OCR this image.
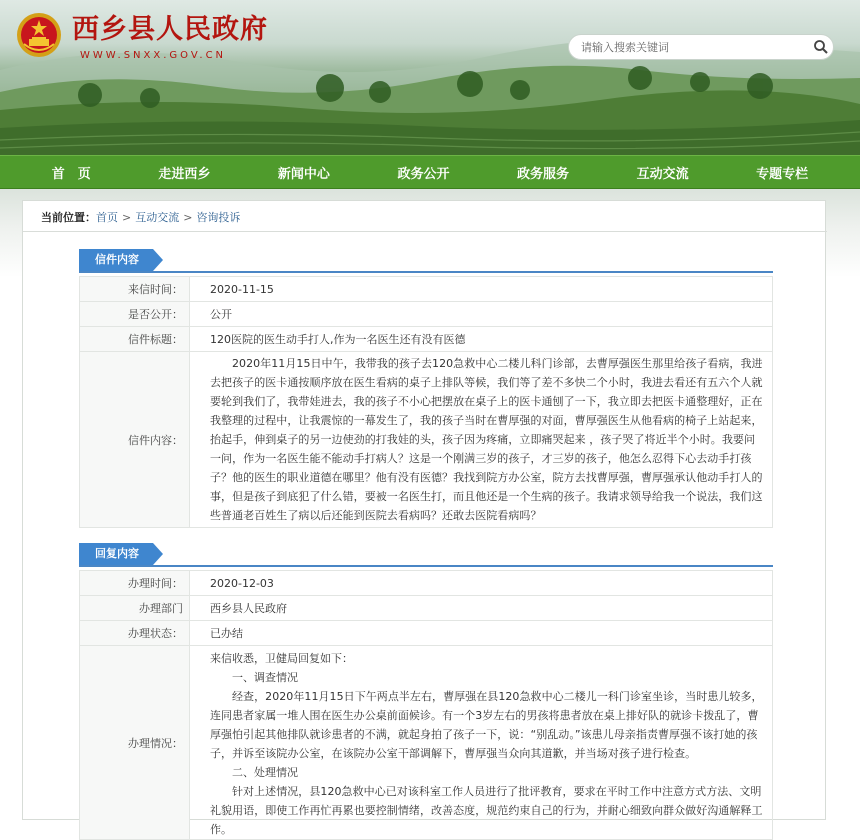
西乡县人民政府
WWW.SNXX.GOV.CN
请输入搜索关键词
首　页	走进西乡	新闻中心	政务公开	政务服务	互动交流	专题专栏
当前位置： 首页 > 互动交流 > 咨询投诉
信件内容
来信时间：	2020-11-15
是否公开：	公开
信件标题：	120医院的医生动手打人,作为一名医生还有没有医德
信件内容：	2020年11月15日中午，我带我的孩子去120急救中心二楼儿科门诊部，去曹厚强医生那里给孩子看病，我进去把孩子的医卡通按顺序放在医生看病的桌子上排队等候，我们等了差不多快二个小时，我进去看还有五六个人就要轮到我们了，我带娃进去，我的孩子不小心把摆放在桌子上的医卡通刨了一下，我立即去把医卡通整理好，正在我整理的过程中，让我震惊的一幕发生了，我的孩子当时在曹厚强的对面，曹厚强医生从他看病的椅子上站起来，抬起手，伸到桌子的另一边使劲的打我娃的头，孩子因为疼痛，立即痛哭起来 ，孩子哭了将近半个小时。我要问一问，作为一名医生能不能动手打病人？这是一个刚满三岁的孩子，才三岁的孩子，他怎么忍得下心去动手打孩子？他的医生的职业道德在哪里？他有没有医德？我找到院方办公室，院方去找曹厚强，曹厚强承认他动手打人的事，但是孩子到底犯了什么错，要被一名医生打，而且他还是一个生病的孩子。我请求领导给我一个说法，我们这些普通老百姓生了病以后还能到医院去看病吗？还敢去医院看病吗？
回复内容
办理时间：	2020-12-03
办理部门	西乡县人民政府
办理状态：	已办结
办理情况：	来信收悉，卫健局回复如下：
一、调查情况
经查，2020年11月15日下午两点半左右，曹厚强在县120急救中心二楼儿一科门诊室坐诊，当时患儿较多，连同患者家属一堆人围在医生办公桌前面候诊。有一个3岁左右的男孩将患者放在桌上排好队的就诊卡拨乱了，曹厚强怕引起其他排队就诊患者的不满，就起身拍了孩子一下，说：“别乱动。”该患儿母亲指责曹厚强不该打她的孩子，并诉至该院办公室，在该院办公室干部调解下，曹厚强当众向其道歉，并当场对孩子进行检查。
二、处理情况
针对上述情况，县120急救中心已对该科室工作人员进行了批评教育，要求在平时工作中注意方式方法、文明礼貌用语，即使工作再忙再累也要控制情绪，改善态度，规范约束自己的行为，并耐心细致向群众做好沟通解释工作。
